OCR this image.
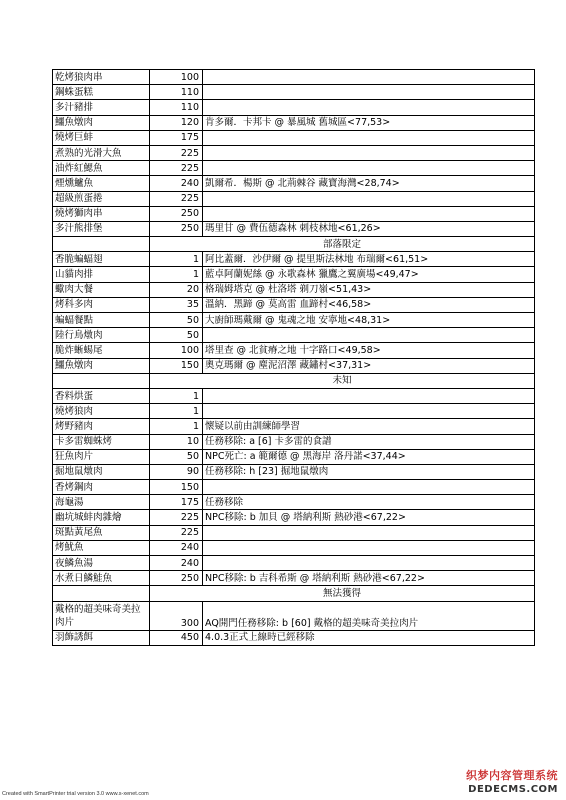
乾烤狼肉串	100	
鋼蛛蛋糕	110	
多汁豬排	110	
鱷魚燉肉	120	肯多爾．卡邦卡 @ 暴風城 舊城區<77,53>
燒烤巨蚌	175	
煮熟的光滑大魚	225	
油炸紅鰓魚	225	
煙燻鱸魚	240	凱爾希．楊斯 @ 北荊棘谷 藏寶海灣<28,74>
超級煎蛋捲	225	
燒烤獅肉串	250	
多汁熊排堡	250	瑪里甘 @ 費伍德森林 刺枝林地<61,26>
	部落限定	
香脆蝙蝠翅	1	阿比蓋爾．沙伊爾 @ 提里斯法林地 布瑞爾<61,51>
山貓肉排	1	藍卓阿蘭妮絲 @ 永歌森林 獵鷹之翼廣場<49,47>
蠍肉大餐	20	格瑞姆塔克 @ 杜洛塔 剃刀嶺<51,43>
烤科多肉	35	溫納．黑蹄 @ 莫高雷 血蹄村<46,58>
蝙蝠餐點	50	大廚師瑪戴爾 @ 鬼魂之地 安寧地<48,31>
陸行鳥燉肉	50	
脆炸蜥蜴尾	100	塔里查 @ 北貧瘠之地 十字路口<49,58>
鱷魚燉肉	150	奧克瑪爾 @ 塵泥沼澤 藏鏽村<37,31>
	未知	
香料烘蛋	1	
燒烤狼肉	1	
烤野豬肉	1	懷疑以前由訓練師學習
卡多雷蜘蛛烤	10	任務移除: a [6] 卡多雷的食譜
狂魚肉片	50	NPC死亡: a 範爾德 @ 黑海岸 洛丹諾<37,44>
掘地鼠燉肉	90	任務移除: h [23] 掘地鼠燉肉
香烤鋼肉	150	
海龜湯	175	任務移除
幽坑城蚌肉雜燴	225	NPC移除: b 加貝 @ 塔納利斯 熱砂港<67,22>
斑點黃尾魚	225	
烤魷魚	240	
夜鱗魚湯	240	
水煮日鱗鮭魚	250	NPC移除: b 吉科希斯 @ 塔納利斯 熱砂港<67,22>
	無法獲得	
戴格的超美味奇美拉肉片	300	AQ開門任務移除: b [60] 戴格的超美味奇美拉肉片
羽飾誘餌	450	4.0.3正式上線時已經移除
Created with SmartPrinter trial version 3.0 www.s-xenet.com
织梦内容管理系统
DEDECMS.COM
